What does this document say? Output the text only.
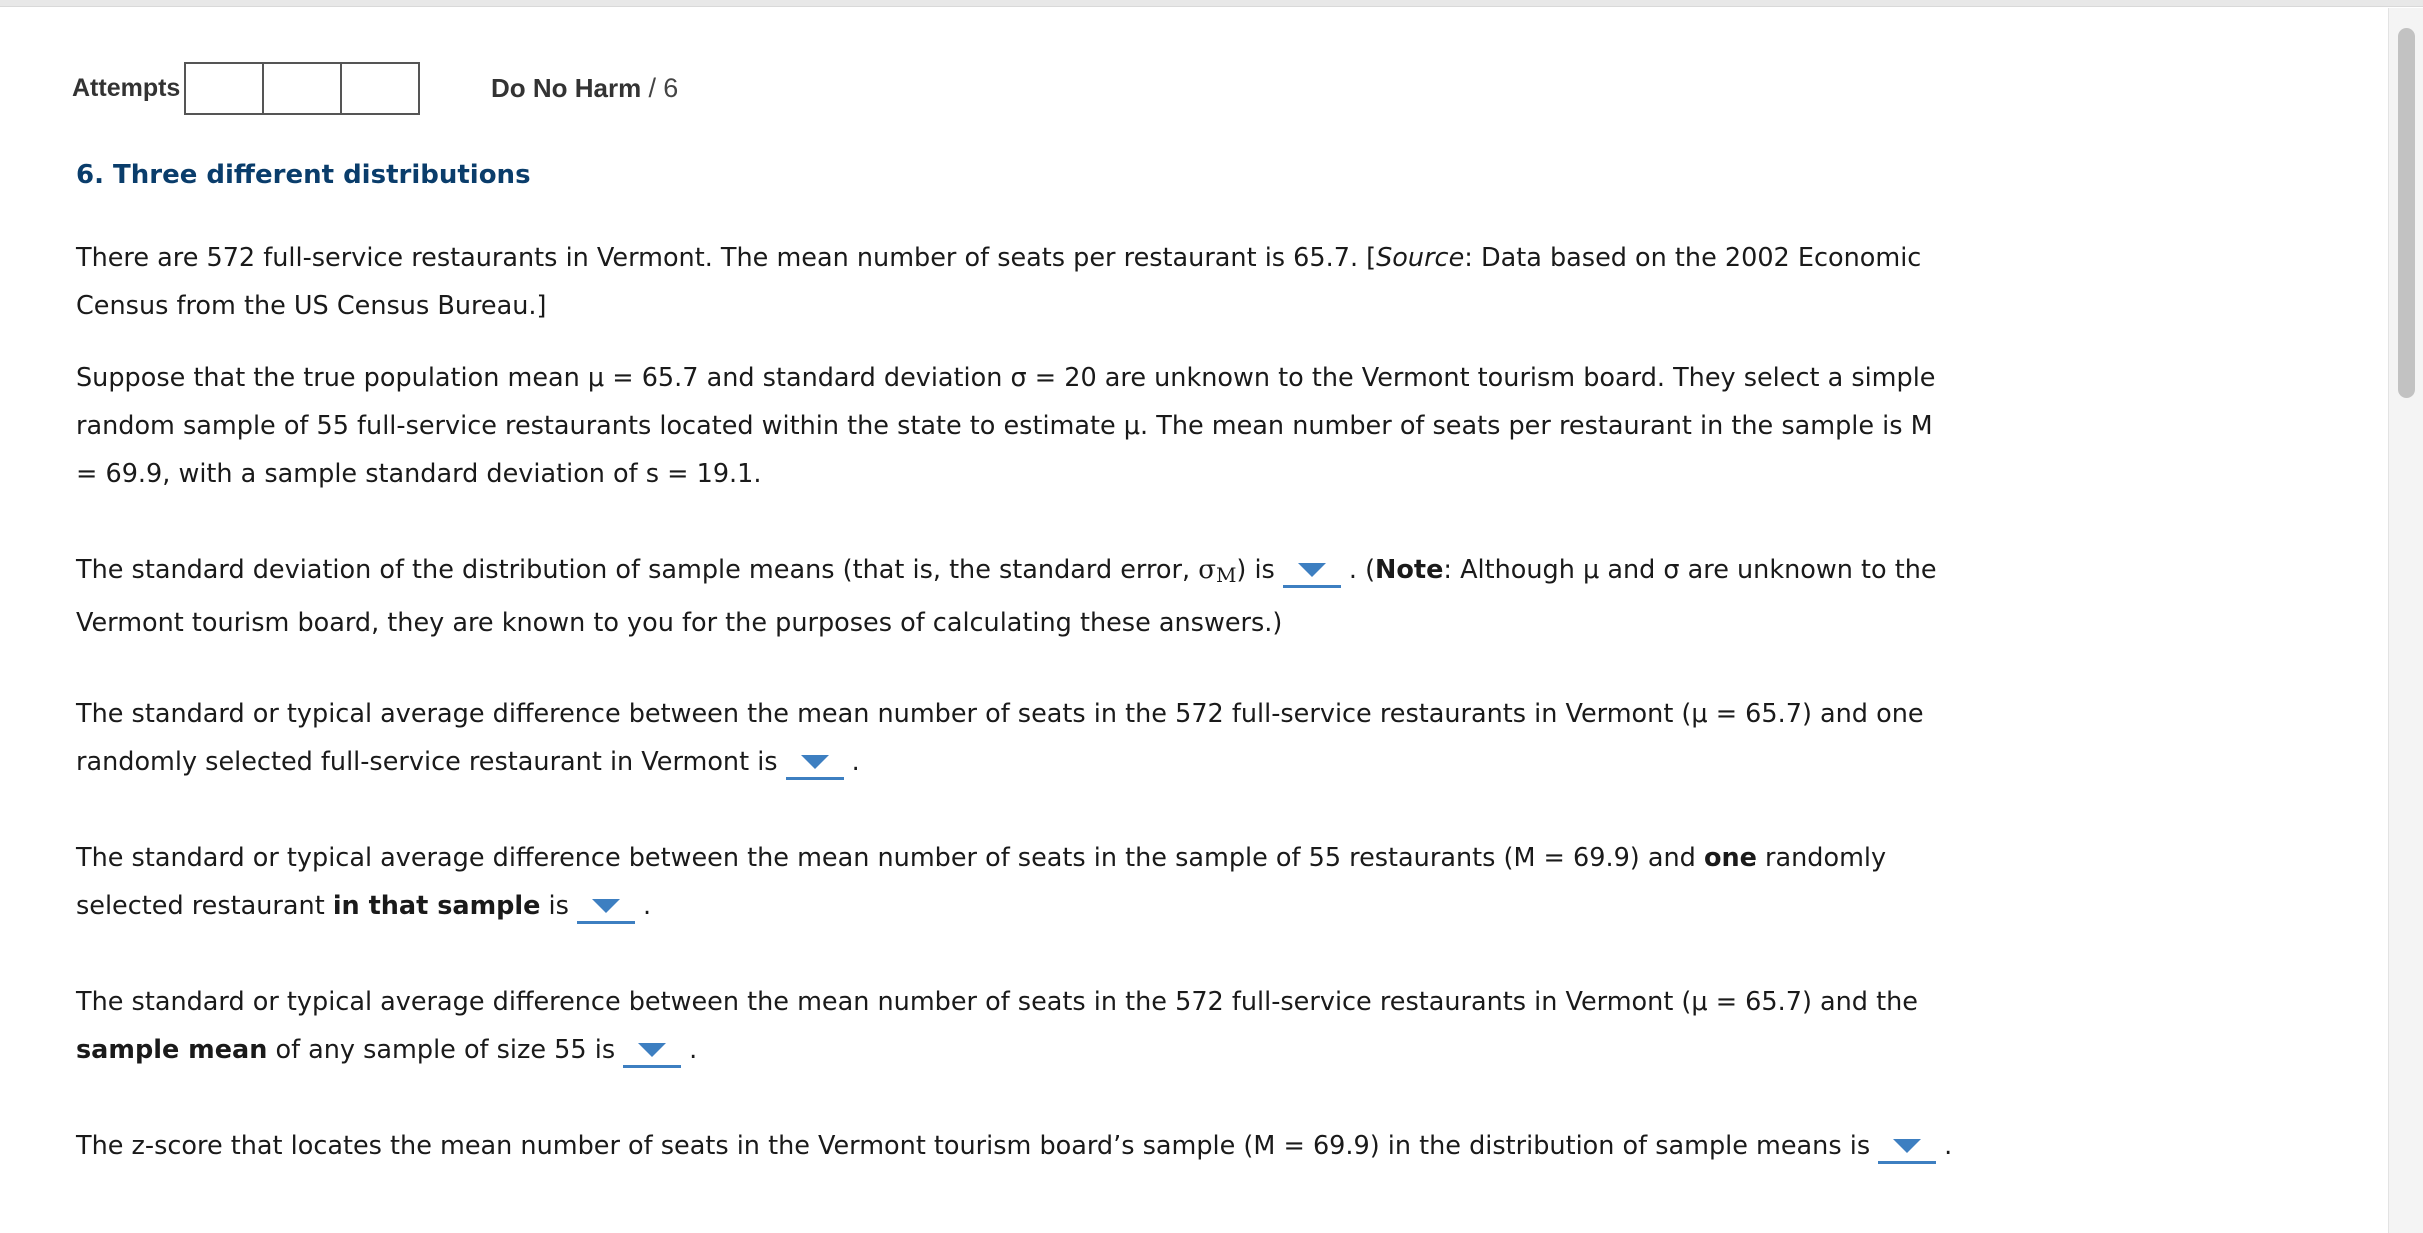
Attempts	Do No Harm / 6
6. Three different distributions
There are 572 full-service restaurants in Vermont. The mean number of seats per restaurant is 65.7. [Source: Data based on the 2002 Economic Census from the US Census Bureau.]
Suppose that the true population mean μ = 65.7 and standard deviation σ = 20 are unknown to the Vermont tourism board. They select a simple random sample of 55 full-service restaurants located within the state to estimate μ. The mean number of seats per restaurant in the sample is M = 69.9, with a sample standard deviation of s = 19.1.
The standard deviation of the distribution of sample means (that is, the standard error, $\sigma_M$) is	. (Note: Although μ and σ are unknown to the Vermont tourism board, they are known to you for the purposes of calculating these answers.)
The standard or typical average difference between the mean number of seats in the 572 full-service restaurants in Vermont (μ = 65.7) and one randomly selected full-service restaurant in Vermont is	.
The standard or typical average difference between the mean number of seats in the sample of 55 restaurants (M = 69.9) and one randomly selected restaurant in that sample is	.
The standard or typical average difference between the mean number of seats in the 572 full-service restaurants in Vermont (μ = 65.7) and the sample mean of any sample of size 55 is	.
The z-score that locates the mean number of seats in the Vermont tourism board’s sample (M = 69.9) in the distribution of sample means is	.
